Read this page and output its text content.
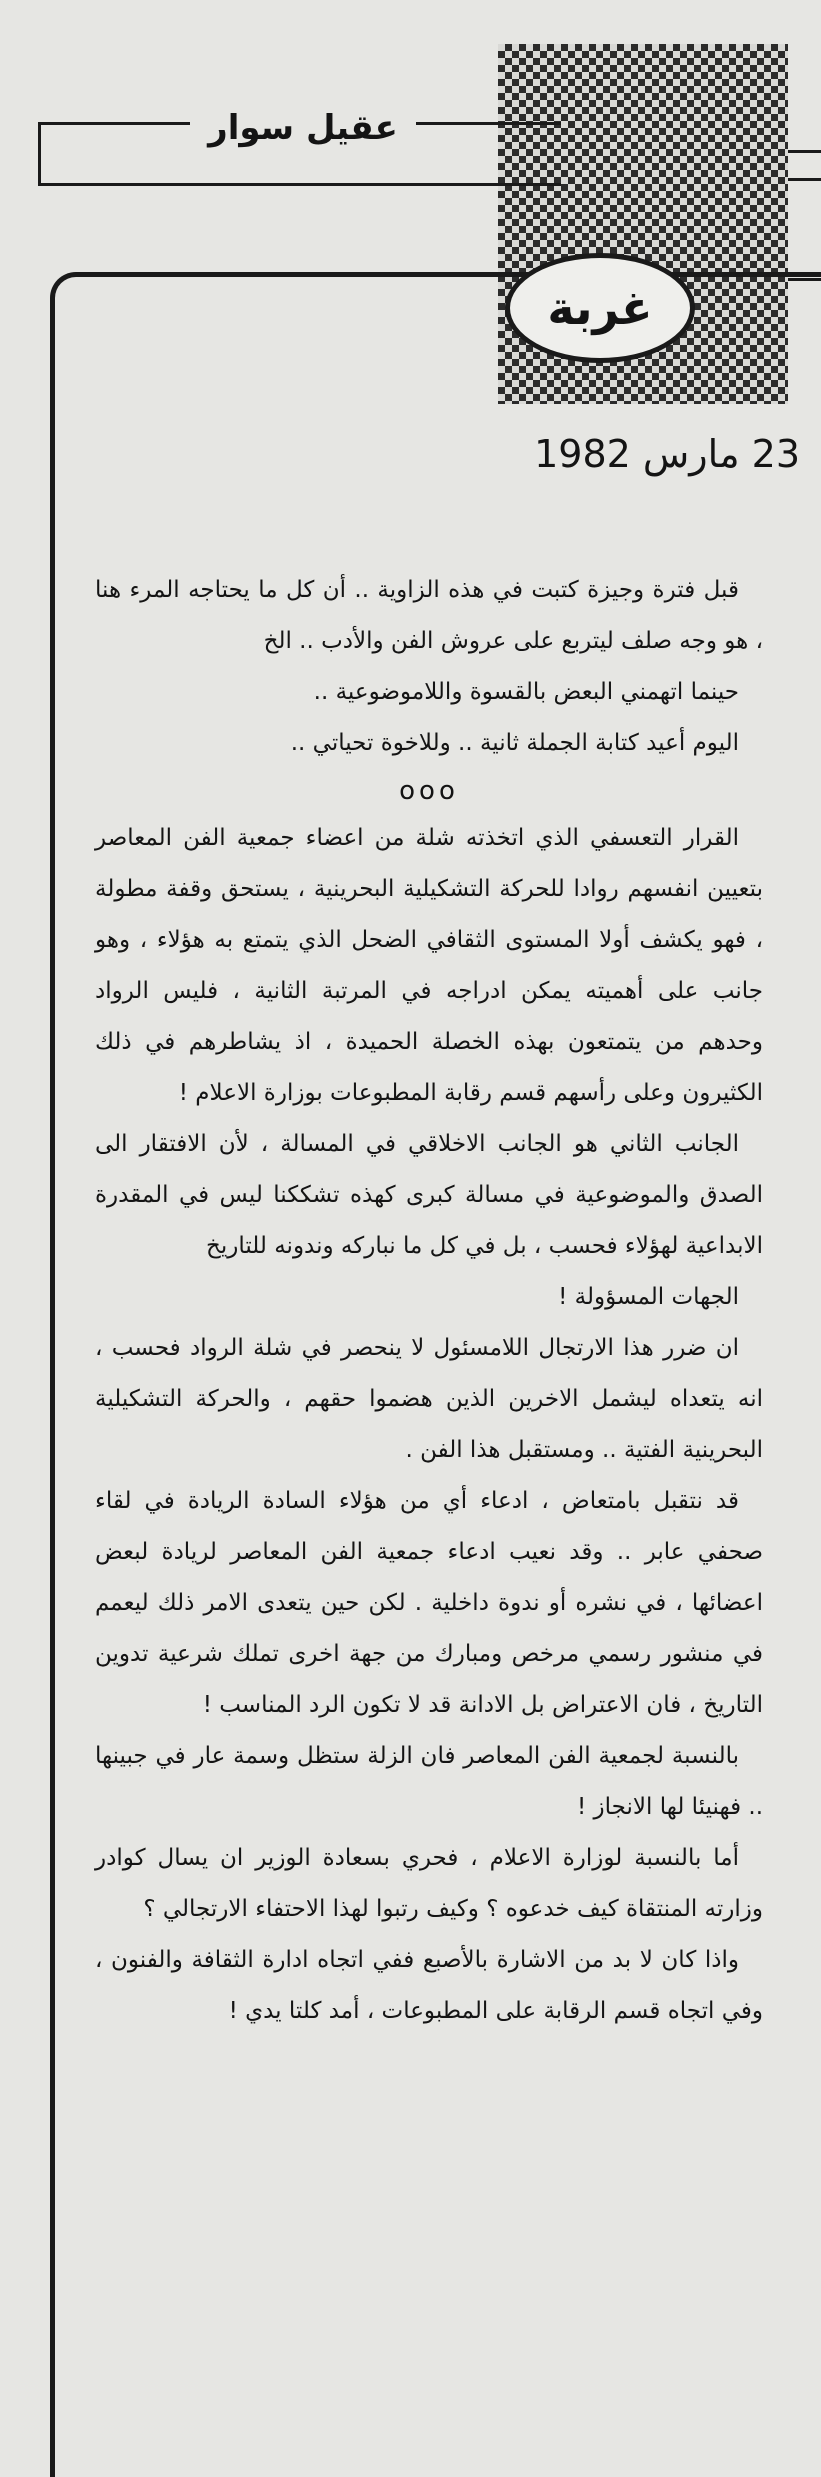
عقيل سوار
غربة
23 مارس 1982

قبل فترة وجيزة كتبت في هذه الزاوية .. أن كل ما يحتاجه المرء هنا ، هو وجه صلف ليتربع على عروش الفن والأدب .. الخ

حينما اتهمني البعض بالقسوة واللاموضوعية ..

اليوم أعيد كتابة الجملة ثانية .. وللاخوة تحياتي ..

ooo

القرار التعسفي الذي اتخذته شلة من اعضاء جمعية الفن المعاصر بتعيين انفسهم روادا للحركة التشكيلية البحرينية ، يستحق وقفة مطولة ، فهو يكشف أولا المستوى الثقافي الضحل الذي يتمتع به هؤلاء ، وهو جانب على أهميته يمكن ادراجه في المرتبة الثانية ، فليس الرواد وحدهم من يتمتعون بهذه الخصلة الحميدة ، اذ يشاطرهم في ذلك الكثيرون وعلى رأسهم قسم رقابة المطبوعات بوزارة الاعلام !

الجانب الثاني هو الجانب الاخلاقي في المسالة ، لأن الافتقار الى الصدق والموضوعية في مسالة كبرى كهذه تشككنا ليس في المقدرة الابداعية لهؤلاء فحسب ، بل في كل ما نباركه وندونه للتاريخ

الجهات المسؤولة !

ان ضرر هذا الارتجال اللامسئول لا ينحصر في شلة الرواد فحسب ، انه يتعداه ليشمل الاخرين الذين هضموا حقهم ، والحركة التشكيلية البحرينية الفتية .. ومستقبل هذا الفن .

قد نتقبل بامتعاض ، ادعاء أي من هؤلاء السادة الريادة في لقاء صحفي عابر .. وقد نعيب ادعاء جمعية الفن المعاصر لريادة لبعض اعضائها ، في نشره أو ندوة داخلية . لكن حين يتعدى الامر ذلك ليعمم في منشور رسمي مرخص ومبارك من جهة اخرى تملك شرعية تدوين التاريخ ، فان الاعتراض بل الادانة قد لا تكون الرد المناسب !

بالنسبة لجمعية الفن المعاصر فان الزلة ستظل وسمة عار في جبينها .. فهنيئا لها الانجاز !

أما بالنسبة لوزارة الاعلام ، فحري بسعادة الوزير ان يسال كوادر وزارته المنتقاة كيف خدعوه ؟ وكيف رتبوا لهذا الاحتفاء الارتجالي ؟

واذا كان لا بد من الاشارة بالأصبع ففي اتجاه ادارة الثقافة والفنون ، وفي اتجاه قسم الرقابة على المطبوعات ، أمد كلتا يدي !
